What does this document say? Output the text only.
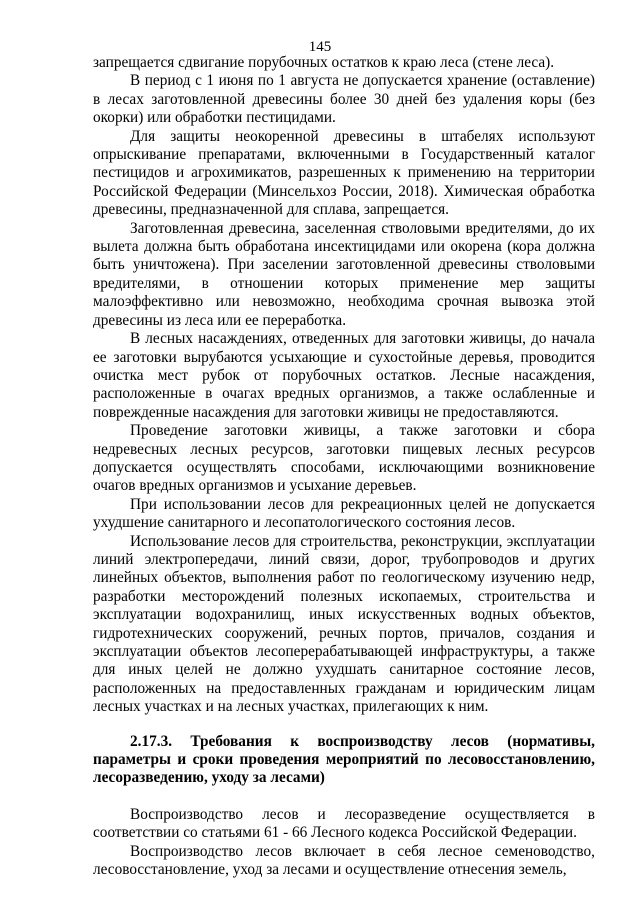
145

запрещается сдвигание порубочных остатков к краю леса (стене леса).

В период с 1 июня по 1 августа не допускается хранение (оставление) в лесах заготовленной древесины более 30 дней без удаления коры (без окорки) или обработки пестицидами.

Для защиты неокоренной древесины в штабелях используют опрыскивание препаратами, включенными в Государственный каталог пестицидов и агрохимикатов, разрешенных к применению на территории Российской Федерации (Минсельхоз России, 2018). Химическая обработка древесины, предназначенной для сплава, запрещается.

Заготовленная древесина, заселенная стволовыми вредителями, до их вылета должна быть обработана инсектицидами или окорена (кора должна быть уничтожена). При заселении заготовленной древесины стволовыми вредителями, в отношении которых применение мер защиты малоэффективно или невозможно, необходима срочная вывозка этой древесины из леса или ее переработка.

В лесных насаждениях, отведенных для заготовки живицы, до начала ее заготовки вырубаются усыхающие и сухостойные деревья, проводится очистка мест рубок от порубочных остатков. Лесные насаждения, расположенные в очагах вредных организмов, а также ослабленные и поврежденные насаждения для заготовки живицы не предоставляются.

Проведение заготовки живицы, а также заготовки и сбора недревесных лесных ресурсов, заготовки пищевых лесных ресурсов допускается осуществлять способами, исключающими возникновение очагов вредных организмов и усыхание деревьев.

При использовании лесов для рекреационных целей не допускается ухудшение санитарного и лесопатологического состояния лесов.

Использование лесов для строительства, реконструкции, эксплуатации линий электропередачи, линий связи, дорог, трубопроводов и других линейных объектов, выполнения работ по геологическому изучению недр, разработки месторождений полезных ископаемых, строительства и эксплуатации водохранилищ, иных искусственных водных объектов, гидротехнических сооружений, речных портов, причалов, создания и эксплуатации объектов лесоперерабатывающей инфраструктуры, а также для иных целей не должно ухудшать санитарное состояние лесов, расположенных на предоставленных гражданам и юридическим лицам лесных участках и на лесных участках, прилегающих к ним.

2.17.3. Требования к воспроизводству лесов (нормативы, параметры и сроки проведения мероприятий по лесовосстановлению, лесоразведению, уходу за лесами)

Воспроизводство лесов и лесоразведение осуществляется в соответствии со статьями 61 - 66 Лесного кодекса Российской Федерации.

Воспроизводство лесов включает в себя лесное семеноводство, лесовосстановление, уход за лесами и осуществление отнесения земель,
